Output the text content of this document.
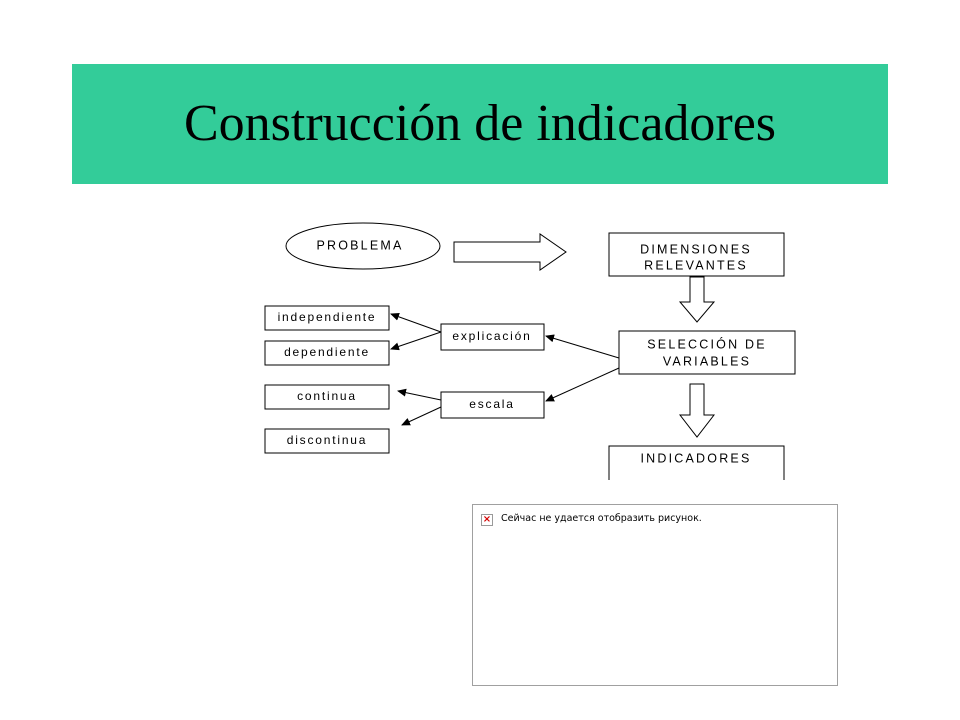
Construcción de indicadores
PROBLEMA	DIMENSIONES
RELEVANTES
SELECCIÓN DE
VARIABLES
INDICADORES
explicación
escala
independiente
dependiente
continua
discontinua
× Сейчас не удается отобразить рисунок.
